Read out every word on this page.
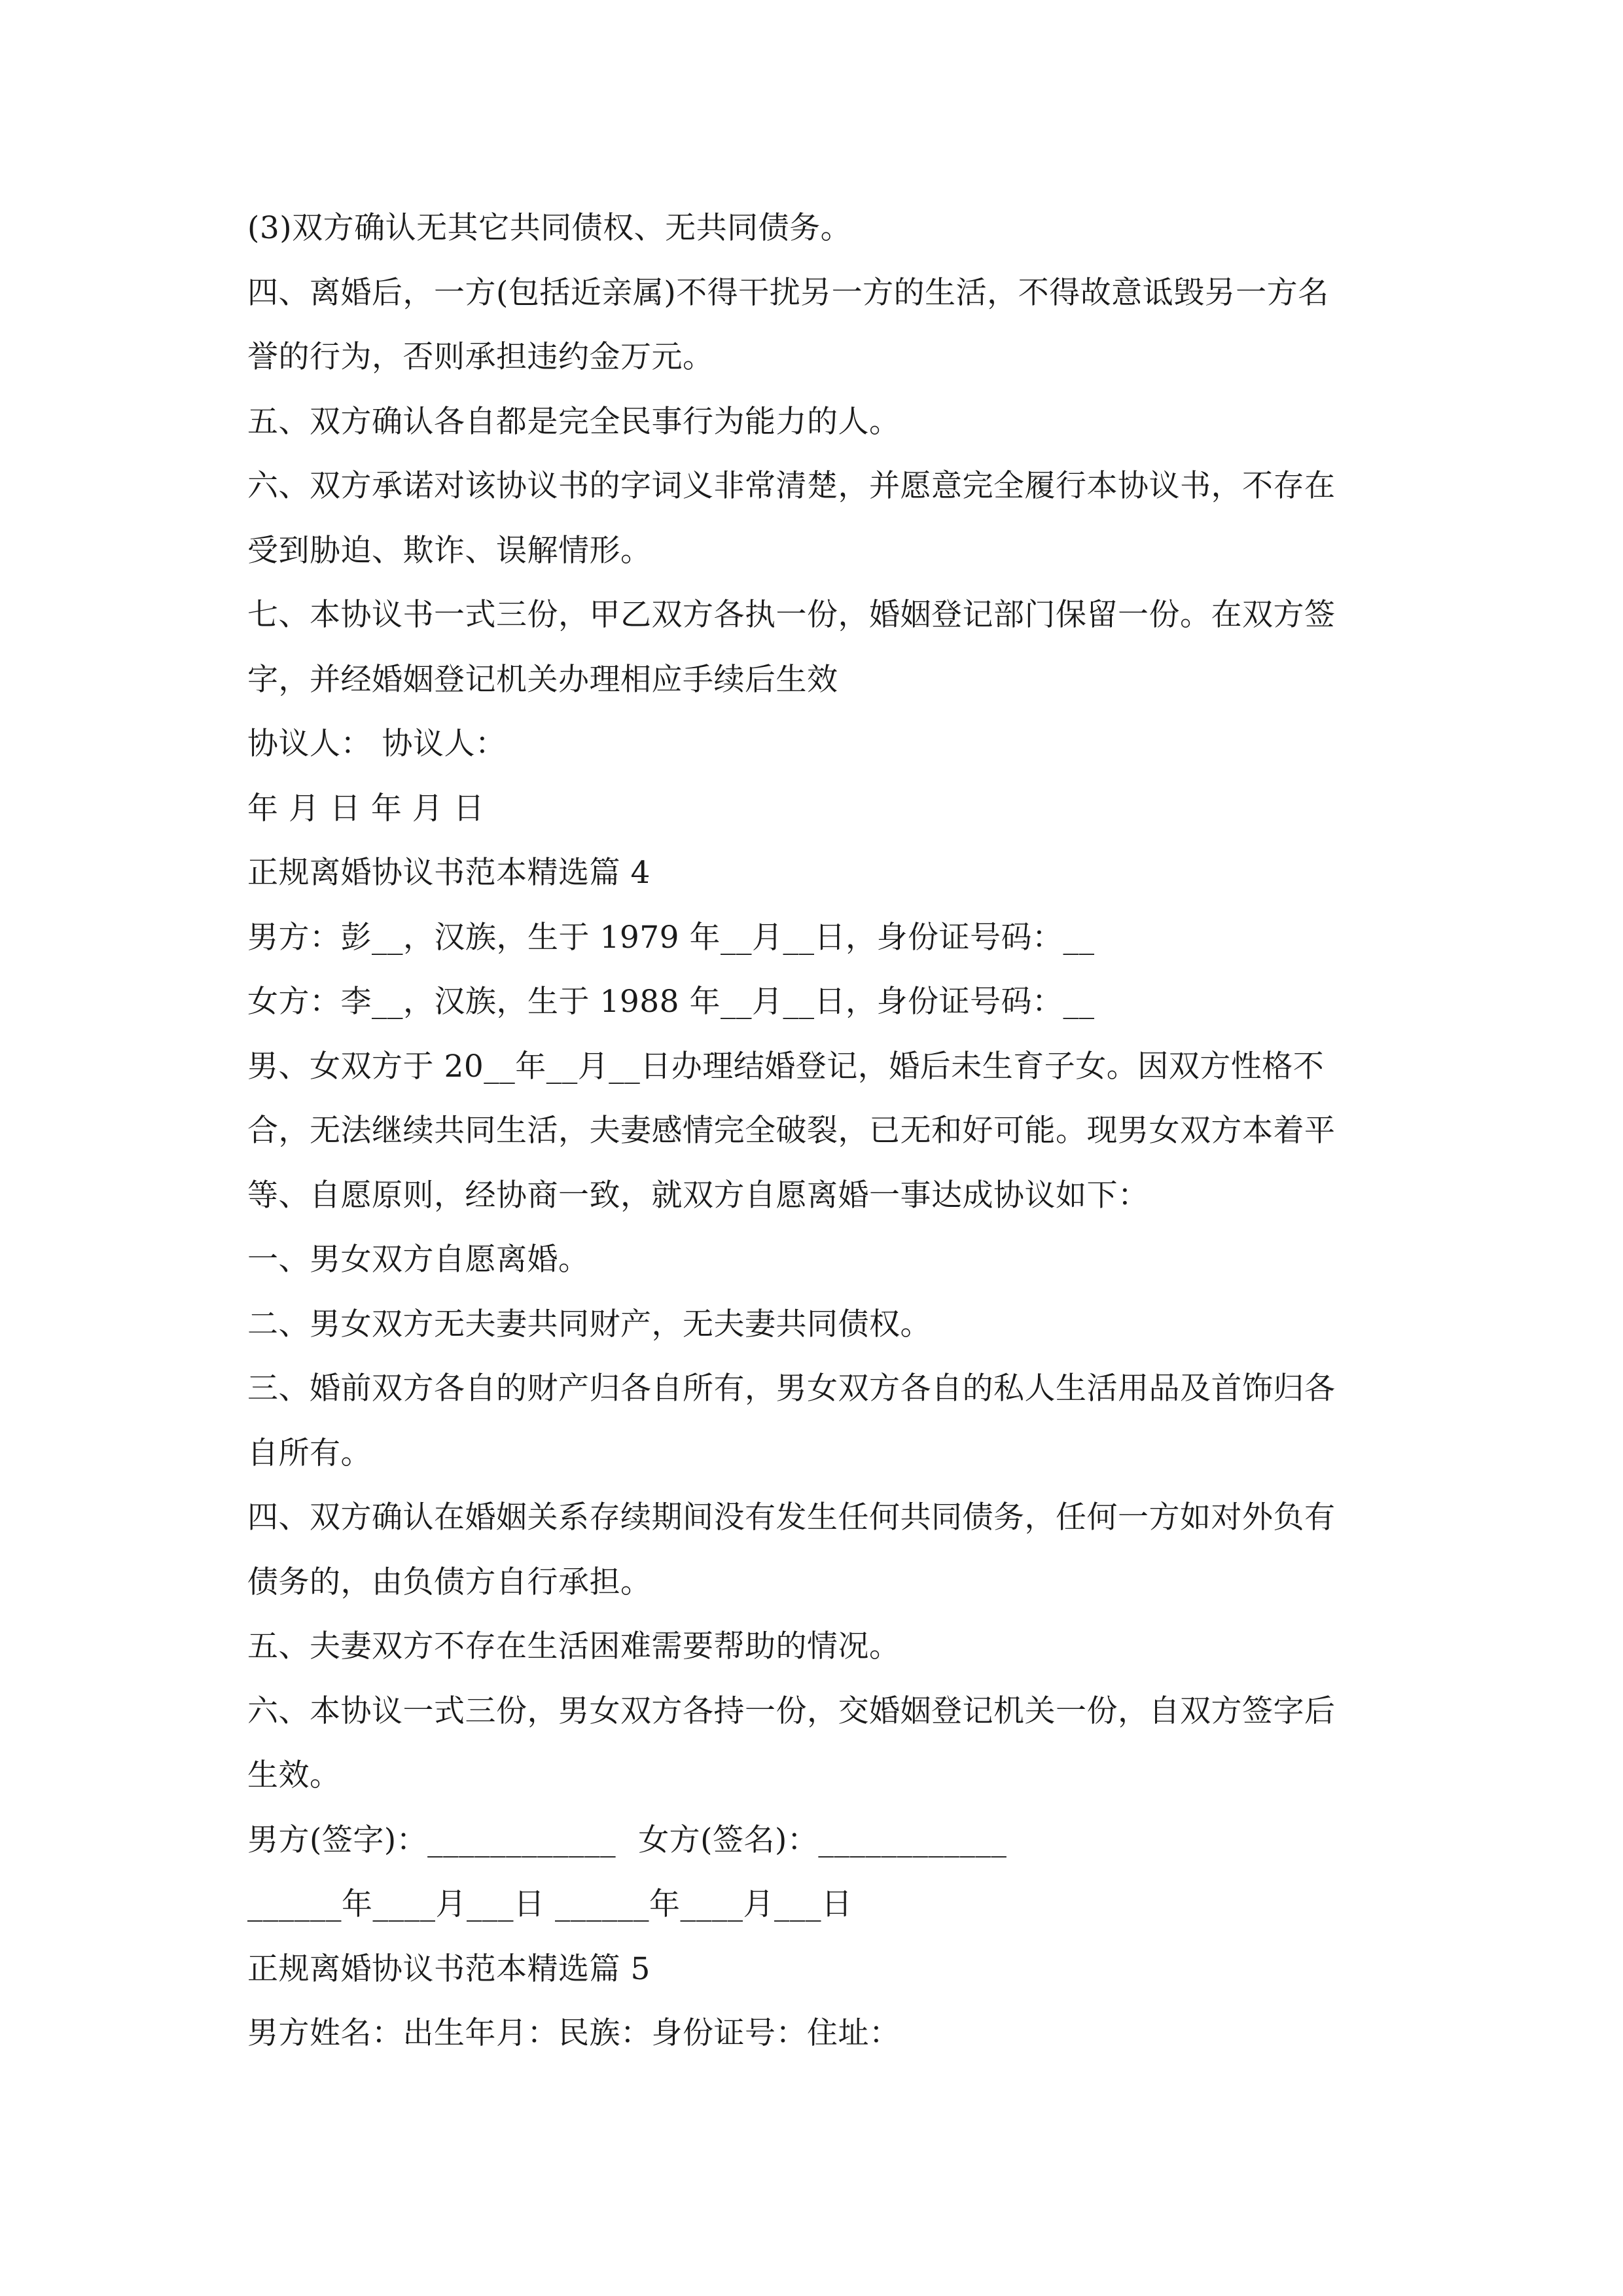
(3)双方确认无其它共同债权、无共同债务。
四、离婚后，一方(包括近亲属)不得干扰另一方的生活，不得故意诋毁另一方名
誉的行为，否则承担违约金万元。
五、双方确认各自都是完全民事行为能力的人。
六、双方承诺对该协议书的字词义非常清楚，并愿意完全履行本协议书，不存在
受到胁迫、欺诈、误解情形。
七、本协议书一式三份，甲乙双方各执一份，婚姻登记部门保留一份。在双方签
字，并经婚姻登记机关办理相应手续后生效
协议人： 协议人：
年 月 日 年 月 日
正规离婚协议书范本精选篇 4
男方：彭__，汉族，生于 1979 年__月__日，身份证号码：__
女方：李__，汉族，生于 1988 年__月__日，身份证号码：__
男、女双方于 20__年__月__日办理结婚登记，婚后未生育子女。因双方性格不
合，无法继续共同生活，夫妻感情完全破裂，已无和好可能。现男女双方本着平
等、自愿原则，经协商一致，就双方自愿离婚一事达成协议如下：
一、男女双方自愿离婚。
二、男女双方无夫妻共同财产，无夫妻共同债权。
三、婚前双方各自的财产归各自所有，男女双方各自的私人生活用品及首饰归各
自所有。
四、双方确认在婚姻关系存续期间没有发生任何共同债务，任何一方如对外负有
债务的，由负债方自行承担。
五、夫妻双方不存在生活困难需要帮助的情况。
六、本协议一式三份，男女双方各持一份，交婚姻登记机关一份，自双方签字后
生效。
男方(签字)：____________ 女方(签名)：____________
______年____月___日 ______年____月___日
正规离婚协议书范本精选篇 5
男方姓名：出生年月：民族：身份证号：住址：
